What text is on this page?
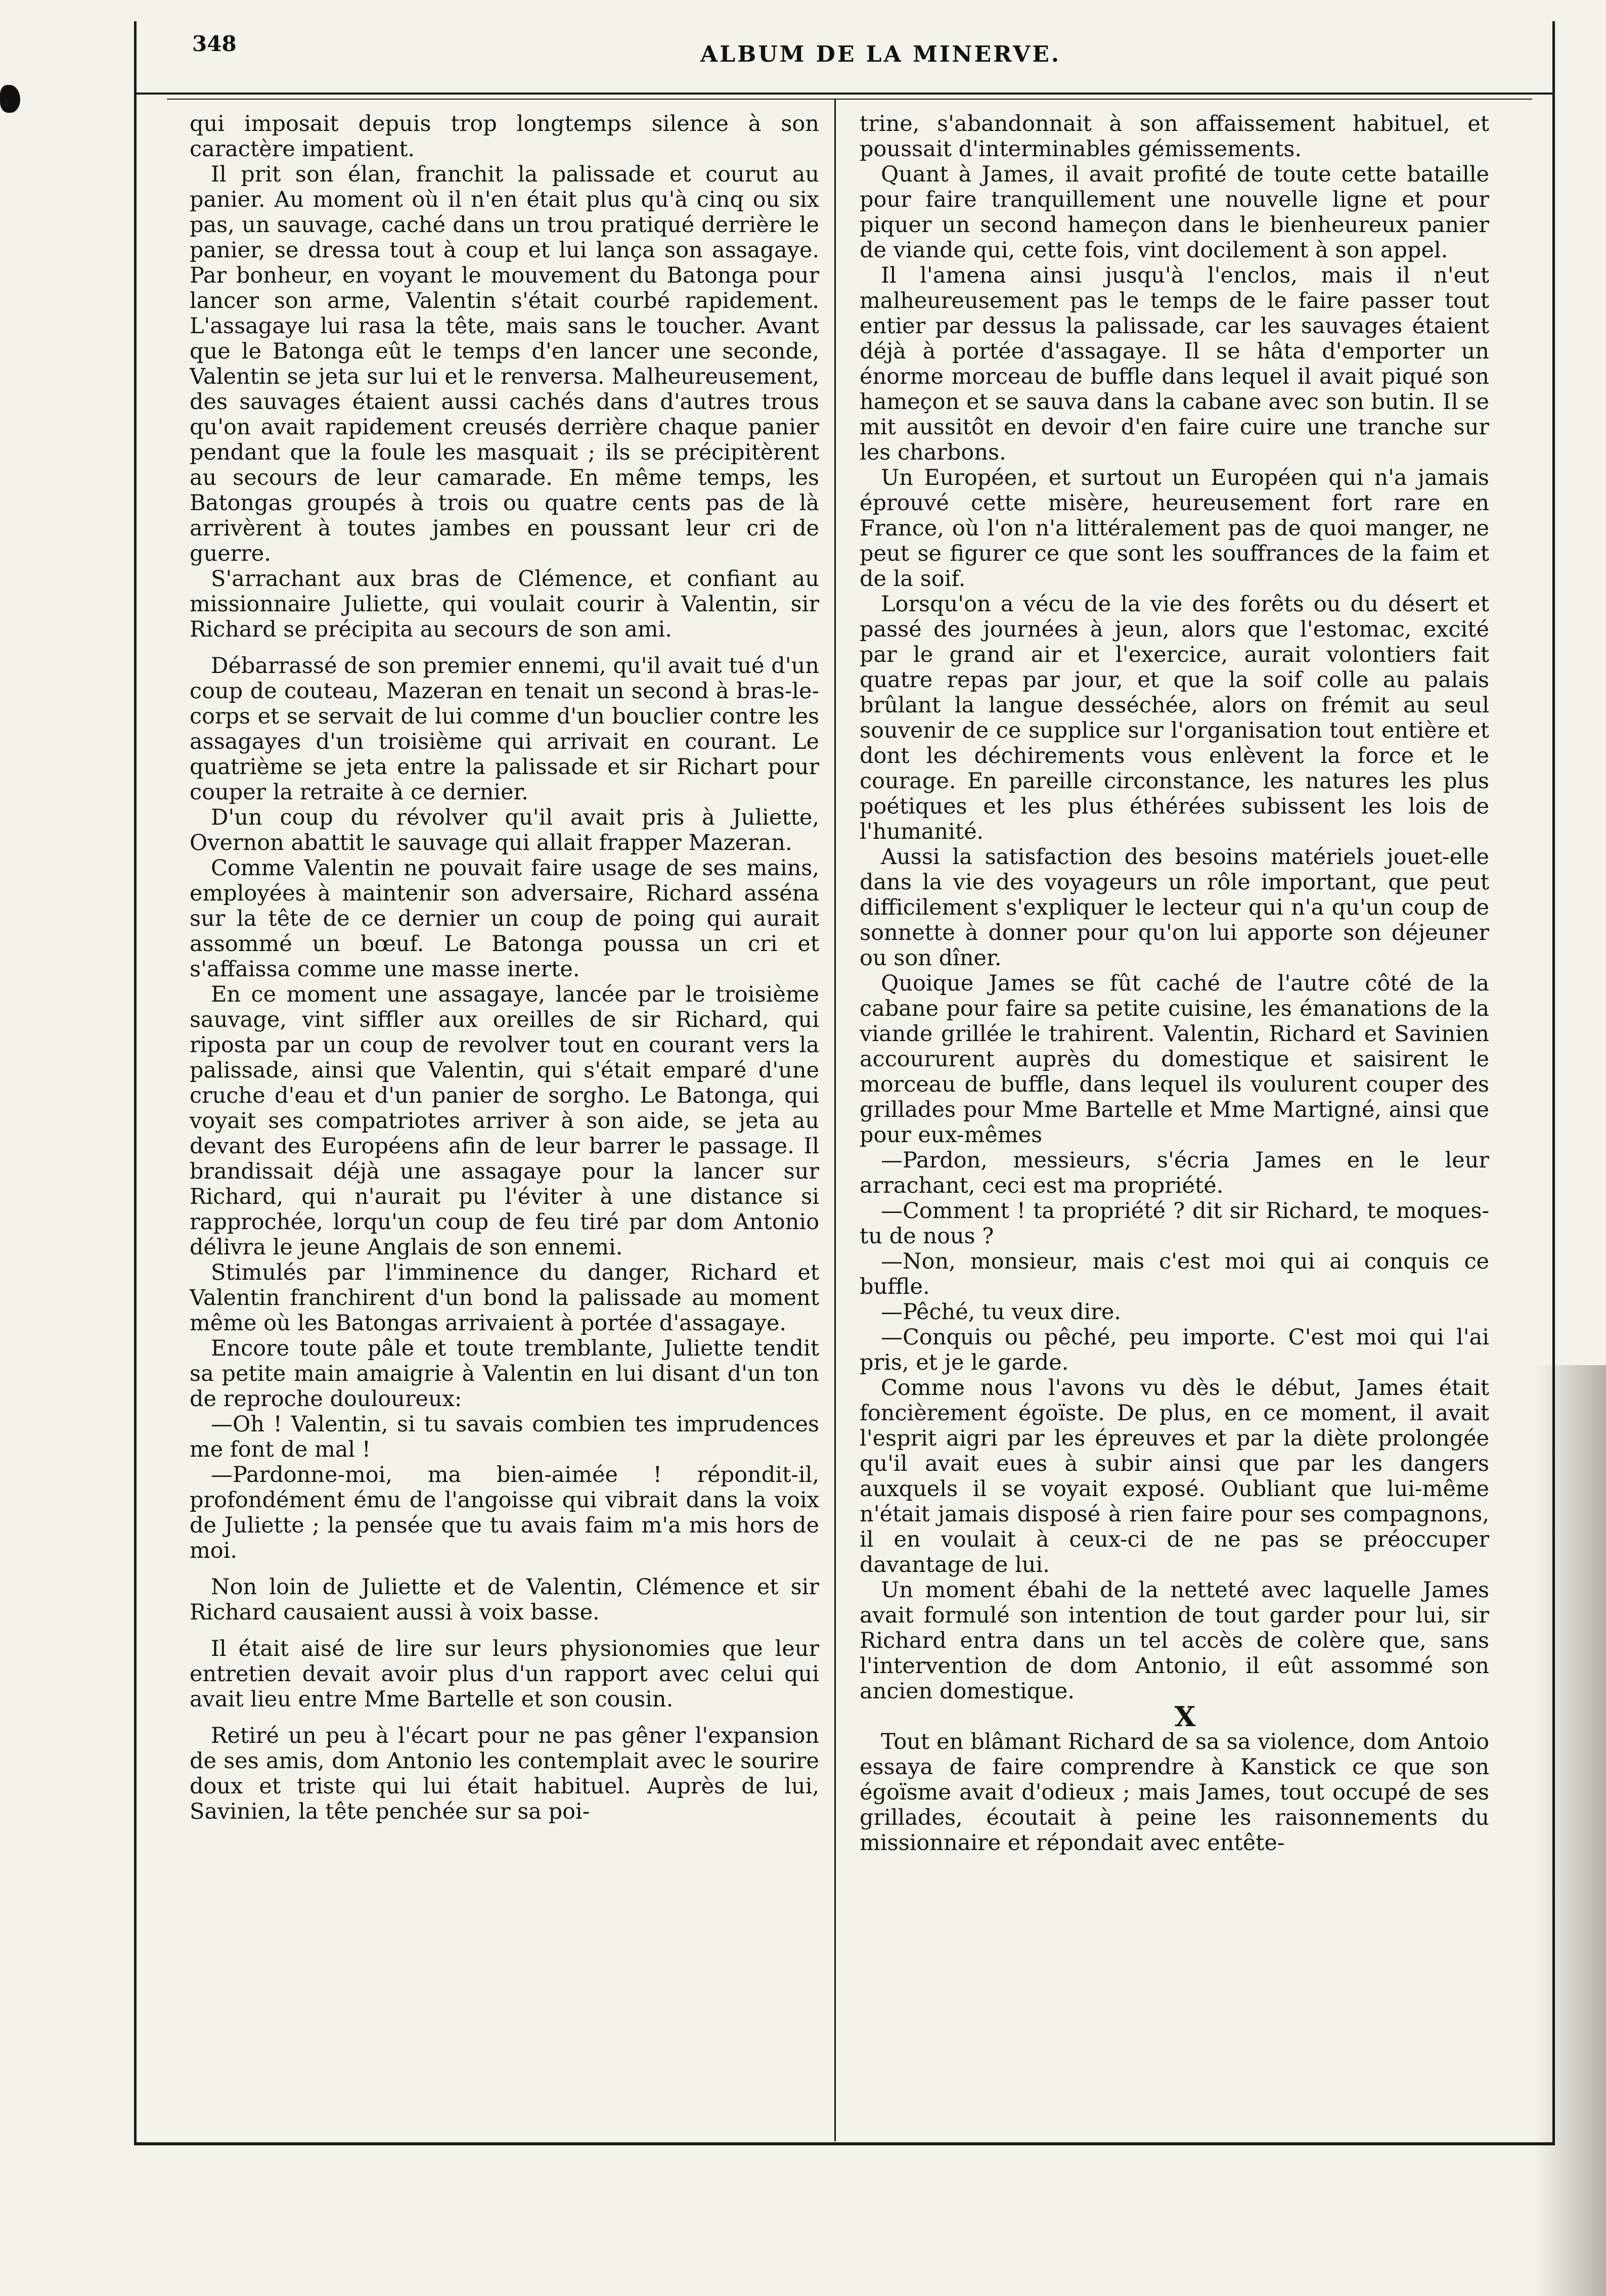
348	ALBUM DE LA MINERVE.

qui imposait depuis trop longtemps silence à son caractère impatient.

Il prit son élan, franchit la palissade et courut au panier. Au moment où il n'en était plus qu'à cinq ou six pas, un sauvage, caché dans un trou pratiqué derrière le panier, se dressa tout à coup et lui lança son assagaye. Par bonheur, en voyant le mouvement du Batonga pour lancer son arme, Valentin s'était courbé rapidement. L'assagaye lui rasa la tête, mais sans le toucher. Avant que le Batonga eût le temps d'en lancer une seconde, Valentin se jeta sur lui et le renversa. Malheureusement, des sauvages étaient aussi cachés dans d'autres trous qu'on avait rapidement creusés derrière chaque panier pendant que la foule les masquait ; ils se précipitèrent au secours de leur camarade. En même temps, les Batongas groupés à trois ou quatre cents pas de là arrivèrent à toutes jambes en poussant leur cri de guerre.

S'arrachant aux bras de Clémence, et confiant au missionnaire Juliette, qui voulait courir à Valentin, sir Richard se précipita au secours de son ami.

Débarrassé de son premier ennemi, qu'il avait tué d'un coup de couteau, Mazeran en tenait un second à bras-le-corps et se servait de lui comme d'un bouclier contre les assagayes d'un troisième qui arrivait en courant. Le quatrième se jeta entre la palissade et sir Richart pour couper la retraite à ce dernier.

D'un coup du révolver qu'il avait pris à Juliette, Overnon abattit le sauvage qui allait frapper Mazeran.

Comme Valentin ne pouvait faire usage de ses mains, employées à maintenir son adversaire, Richard asséna sur la tête de ce dernier un coup de poing qui aurait assommé un bœuf. Le Batonga poussa un cri et s'affaissa comme une masse inerte.

En ce moment une assagaye, lancée par le troisième sauvage, vint siffler aux oreilles de sir Richard, qui riposta par un coup de revolver tout en courant vers la palissade, ainsi que Valentin, qui s'était emparé d'une cruche d'eau et d'un panier de sorgho. Le Batonga, qui voyait ses compatriotes arriver à son aide, se jeta au devant des Européens afin de leur barrer le passage. Il brandissait déjà une assagaye pour la lancer sur Richard, qui n'aurait pu l'éviter à une distance si rapprochée, lorqu'un coup de feu tiré par dom Antonio délivra le jeune Anglais de son ennemi.

Stimulés par l'imminence du danger, Richard et Valentin franchirent d'un bond la palissade au moment même où les Batongas arrivaient à portée d'assagaye.

Encore toute pâle et toute tremblante, Juliette tendit sa petite main amaigrie à Valentin en lui disant d'un ton de reproche douloureux:

—Oh ! Valentin, si tu savais combien tes imprudences me font de mal !

—Pardonne-moi, ma bien-aimée ! répondit-il, profondément ému de l'angoisse qui vibrait dans la voix de Juliette ; la pensée que tu avais faim m'a mis hors de moi.

Non loin de Juliette et de Valentin, Clémence et sir Richard causaient aussi à voix basse.

Il était aisé de lire sur leurs physionomies que leur entretien devait avoir plus d'un rapport avec celui qui avait lieu entre Mme Bartelle et son cousin.

Retiré un peu à l'écart pour ne pas gêner l'expansion de ses amis, dom Antonio les contemplait avec le sourire doux et triste qui lui était habituel. Auprès de lui, Savinien, la tête penchée sur sa poi-

trine, s'abandonnait à son affaissement habituel, et poussait d'interminables gémissements.

Quant à James, il avait profité de toute cette bataille pour faire tranquillement une nouvelle ligne et pour piquer un second hameçon dans le bienheureux panier de viande qui, cette fois, vint docilement à son appel.

Il l'amena ainsi jusqu'à l'enclos, mais il n'eut malheureusement pas le temps de le faire passer tout entier par dessus la palissade, car les sauvages étaient déjà à portée d'assagaye. Il se hâta d'emporter un énorme morceau de buffle dans lequel il avait piqué son hameçon et se sauva dans la cabane avec son butin. Il se mit aussitôt en devoir d'en faire cuire une tranche sur les charbons.

Un Européen, et surtout un Européen qui n'a jamais éprouvé cette misère, heureusement fort rare en France, où l'on n'a littéralement pas de quoi manger, ne peut se figurer ce que sont les souffrances de la faim et de la soif.

Lorsqu'on a vécu de la vie des forêts ou du désert et passé des journées à jeun, alors que l'estomac, excité par le grand air et l'exercice, aurait volontiers fait quatre repas par jour, et que la soif colle au palais brûlant la langue desséchée, alors on frémit au seul souvenir de ce supplice sur l'organisation tout entière et dont les déchirements vous enlèvent la force et le courage. En pareille circonstance, les natures les plus poétiques et les plus éthérées subissent les lois de l'humanité.

Aussi la satisfaction des besoins matériels jouet-elle dans la vie des voyageurs un rôle important, que peut difficilement s'expliquer le lecteur qui n'a qu'un coup de sonnette à donner pour qu'on lui apporte son déjeuner ou son dîner.

Quoique James se fût caché de l'autre côté de la cabane pour faire sa petite cuisine, les émanations de la viande grillée le trahirent. Valentin, Richard et Savinien accoururent auprès du domestique et saisirent le morceau de buffle, dans lequel ils voulurent couper des grillades pour Mme Bartelle et Mme Martigné, ainsi que pour eux-mêmes

—Pardon, messieurs, s'écria James en le leur arrachant, ceci est ma propriété.

—Comment ! ta propriété ? dit sir Richard, te moques-tu de nous ?

—Non, monsieur, mais c'est moi qui ai conquis ce buffle.

—Pêché, tu veux dire.

—Conquis ou pêché, peu importe. C'est moi qui l'ai pris, et je le garde.

Comme nous l'avons vu dès le début, James était foncièrement égoïste. De plus, en ce moment, il avait l'esprit aigri par les épreuves et par la diète prolongée qu'il avait eues à subir ainsi que par les dangers auxquels il se voyait exposé. Oubliant que lui-même n'était jamais disposé à rien faire pour ses compagnons, il en voulait à ceux-ci de ne pas se préoccuper davantage de lui.

Un moment ébahi de la netteté avec laquelle James avait formulé son intention de tout garder pour lui, sir Richard entra dans un tel accès de colère que, sans l'intervention de dom Antonio, il eût assommé son ancien domestique.

X

Tout en blâmant Richard de sa sa violence, dom Antoio essaya de faire comprendre à Kanstick ce que son égoïsme avait d'odieux ; mais James, tout occupé de ses grillades, écoutait à peine les raisonnements du missionnaire et répondait avec entête-
